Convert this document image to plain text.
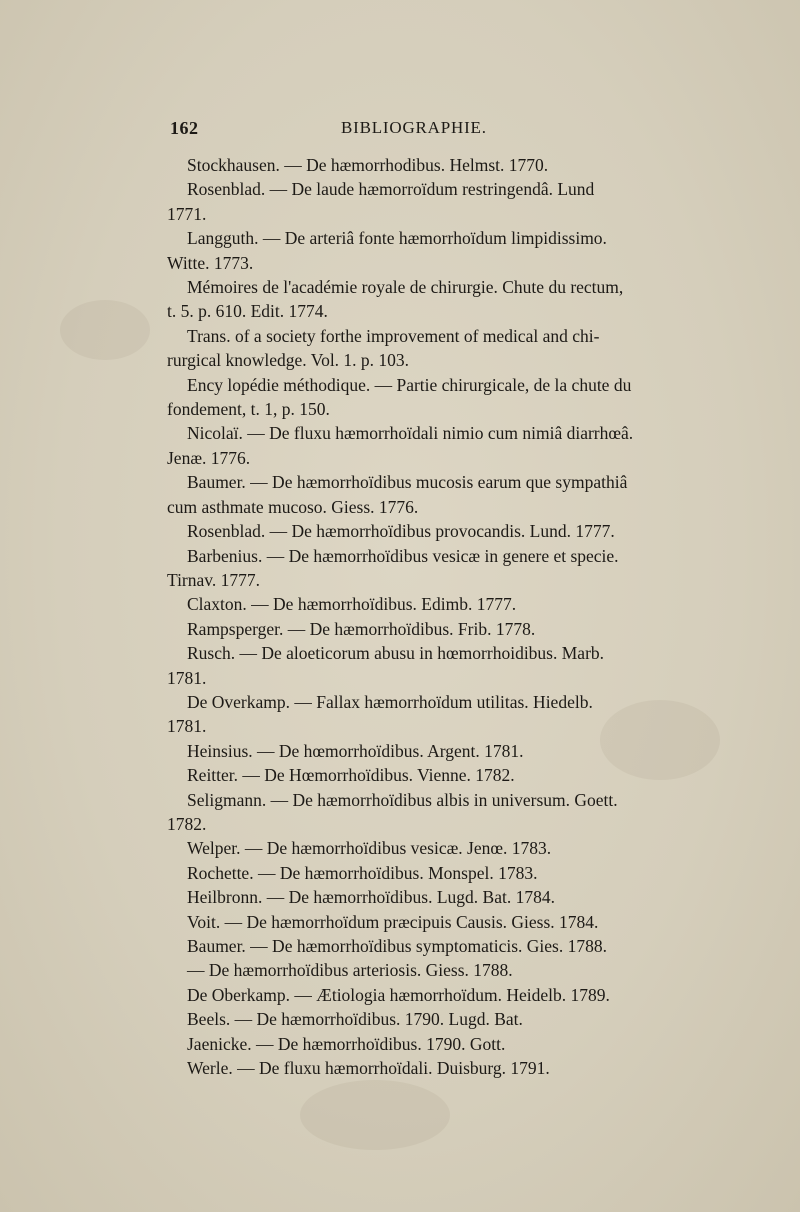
162	BIBLIOGRAPHIE.
Stockhausen. — De hæmorrhodibus. Helmst. 1770.
Rosenblad. — De laude hæmorroïdum restringendâ. Lund
1771.
Langguth. — De arteriâ fonte hæmorrhoïdum limpidissimo.
Witte. 1773.
Mémoires de l'académie royale de chirurgie. Chute du rectum,
t. 5. p. 610. Edit. 1774.
Trans. of a society forthe improvement of medical and chi-
rurgical knowledge. Vol. 1. p. 103.
Ency lopédie méthodique. — Partie chirurgicale, de la chute du
fondement, t. 1, p. 150.
Nicolaï. — De fluxu hæmorrhoïdali nimio cum nimiâ diarrhœâ.
Jenæ. 1776.
Baumer. — De hæmorrhoïdibus mucosis earum que sympathiâ
cum asthmate mucoso. Giess. 1776.
Rosenblad. — De hæmorrhoïdibus provocandis. Lund. 1777.
Barbenius. — De hæmorrhoïdibus vesicæ in genere et specie.
Tirnav. 1777.
Claxton. — De hæmorrhoïdibus. Edimb. 1777.
Rampsperger. — De hæmorrhoïdibus. Frib. 1778.
Rusch. — De aloeticorum abusu in hœmorrhoidibus. Marb.
1781.
De Overkamp. — Fallax hæmorrhoïdum utilitas. Hiedelb.
1781.
Heinsius. — De hœmorrhoïdibus. Argent. 1781.
Reitter. — De Hœmorrhoïdibus. Vienne. 1782.
Seligmann. — De hæmorrhoïdibus albis in universum. Goett.
1782.
Welper. — De hæmorrhoïdibus vesicæ. Jenœ. 1783.
Rochette. — De hæmorrhoïdibus. Monspel. 1783.
Heilbronn. — De hæmorrhoïdibus. Lugd. Bat. 1784.
Voit. — De hæmorrhoïdum præcipuis Causis. Giess. 1784.
Baumer. — De hæmorrhoïdibus symptomaticis. Gies. 1788.
— De hæmorrhoïdibus arteriosis. Giess. 1788.
De Oberkamp. — Ætiologia hæmorrhoïdum. Heidelb. 1789.
Beels. — De hæmorrhoïdibus. 1790. Lugd. Bat.
Jaenicke. — De hæmorrhoïdibus. 1790. Gott.
Werle. — De fluxu hæmorrhoïdali. Duisburg. 1791.
